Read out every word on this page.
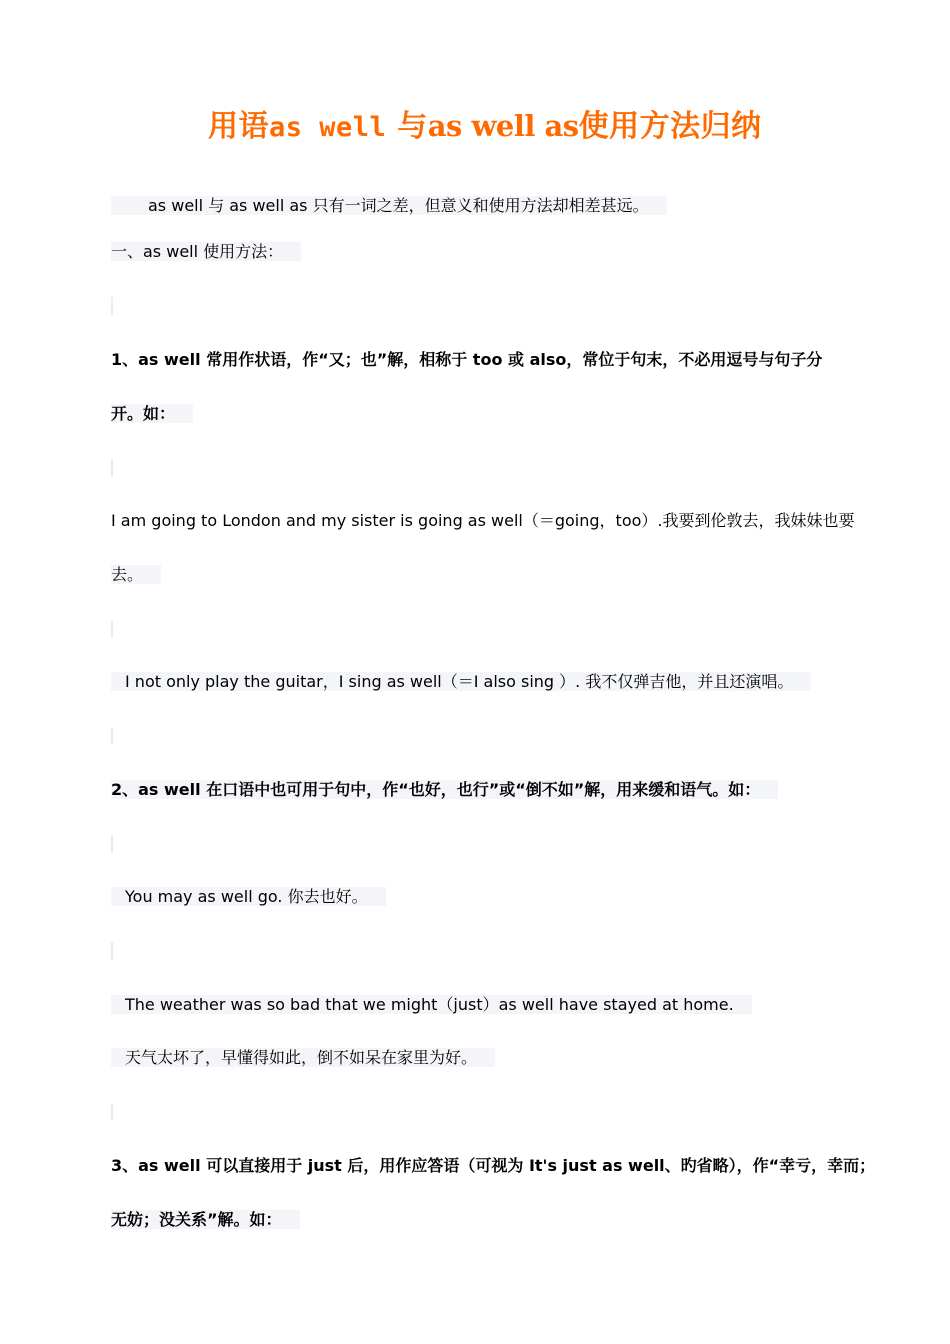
用语as well 与as well as使用方法归纳
as well 与 as well as 只有一词之差，但意义和使用方法却相差甚远。
一、as well 使用方法：
1、as well 常用作状语，作“又；也”解，相称于 too 或 also，常位于句末，不必用逗号与句子分
开。如：
I am going to London and my sister is going as well（＝going，too）.我要到伦敦去，我妹妹也要
去。
I not only play the guitar，I sing as well（＝I also sing ）. 我不仅弹吉他，并且还演唱。
2、as well 在口语中也可用于句中，作“也好，也行”或“倒不如”解，用来缓和语气。如：
You may as well go. 你去也好。
The weather was so bad that we might（just）as well have stayed at home.
天气太坏了，早懂得如此，倒不如呆在家里为好。
3、as well 可以直接用于 just 后，用作应答语（可视为 It's just as well、旳省略），作“幸亏，幸而；
无妨；没关系”解。如：
